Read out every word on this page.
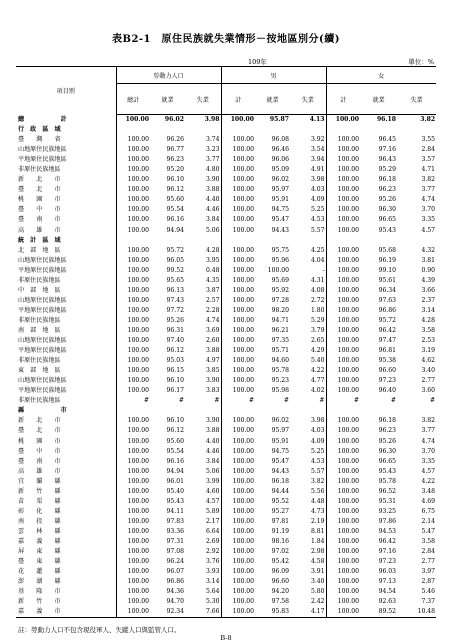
表B2-1　原住民族就失業情形－按地區別分(續)
109年	單位：%
項目別	勞動力人口			男			女		
	總計	就業	失業	計	就業	失業	計	就業	失業
總　　　　　　計	100.00	96.02	3.98	100.00	95.87	4.13	100.00	96.18	3.82
行　政　區　域									
臺　　灣　　省	100.00	96.26	3.74	100.00	96.08	3.92	100.00	96.45	3.55
山地原住民族地區	100.00	96.77	3.23	100.00	96.46	3.54	100.00	97.16	2.84
平地原住民族地區	100.00	96.23	3.77	100.00	96.06	3.94	100.00	96.43	3.57
非原住民族地區	100.00	95.20	4.80	100.00	95.09	4.91	100.00	95.29	4.71
新　　北　　市	100.00	96.10	3.90	100.00	96.02	3.98	100.00	96.18	3.82
臺　　北　　市	100.00	96.12	3.88	100.00	95.97	4.03	100.00	96.23	3.77
桃　　園　　市	100.00	95.60	4.40	100.00	95.91	4.09	100.00	95.26	4.74
臺　　中　　市	100.00	95.54	4.46	100.00	94.75	5.25	100.00	96.30	3.70
臺　　南　　市	100.00	96.16	3.84	100.00	95.47	4.53	100.00	96.65	3.35
高　　雄　　市	100.00	94.94	5.06	100.00	94.43	5.57	100.00	95.43	4.57
統　計　區　域									
北　部　地　區	100.00	95.72	4.28	100.00	95.75	4.25	100.00	95.68	4.32
山地原住民族地區	100.00	96.05	3.95	100.00	95.96	4.04	100.00	96.19	3.81
平地原住民族地區	100.00	99.52	0.48	100.00	100.00	-	100.00	99.10	0.90
非原住民族地區	100.00	95.65	4.35	100.00	95.69	4.31	100.00	95.61	4.39
中　部　地　區	100.00	96.13	3.87	100.00	95.92	4.08	100.00	96.34	3.66
山地原住民族地區	100.00	97.43	2.57	100.00	97.28	2.72	100.00	97.63	2.37
平地原住民族地區	100.00	97.72	2.28	100.00	98.20	1.80	100.00	96.86	3.14
非原住民族地區	100.00	95.26	4.74	100.00	94.71	5.29	100.00	95.72	4.28
南　部　地　區	100.00	96.31	3.69	100.00	96.21	3.79	100.00	96.42	3.58
山地原住民族地區	100.00	97.40	2.60	100.00	97.35	2.65	100.00	97.47	2.53
平地原住民族地區	100.00	96.12	3.88	100.00	95.71	4.29	100.00	96.81	3.19
非原住民族地區	100.00	95.03	4.97	100.00	94.60	5.40	100.00	95.38	4.62
東　部　地　區	100.00	96.15	3.85	100.00	95.78	4.22	100.00	96.60	3.40
山地原住民族地區	100.00	96.10	3.90	100.00	95.23	4.77	100.00	97.23	2.77
平地原住民族地區	100.00	96.17	3.83	100.00	95.98	4.02	100.00	96.40	3.60
非原住民族地區	#	#	#	#	#	#	#	#	#
縣　　　　　　市									
新　　北　　市	100.00	96.10	3.90	100.00	96.02	3.98	100.00	96.18	3.82
臺　　北　　市	100.00	96.12	3.88	100.00	95.97	4.03	100.00	96.23	3.77
桃　　園　　市	100.00	95.60	4.40	100.00	95.91	4.09	100.00	95.26	4.74
臺　　中　　市	100.00	95.54	4.46	100.00	94.75	5.25	100.00	96.30	3.70
臺　　南　　市	100.00	96.16	3.84	100.00	95.47	4.53	100.00	96.65	3.35
高　　雄　　市	100.00	94.94	5.06	100.00	94.43	5.57	100.00	95.43	4.57
宜　　蘭　　縣	100.00	96.01	3.99	100.00	96.18	3.82	100.00	95.78	4.22
新　　竹　　縣	100.00	95.40	4.60	100.00	94.44	5.56	100.00	96.52	3.48
苗　　栗　　縣	100.00	95.43	4.57	100.00	95.52	4.48	100.00	95.31	4.69
彰　　化　　縣	100.00	94.11	5.89	100.00	95.27	4.73	100.00	93.25	6.75
南　　投　　縣	100.00	97.83	2.17	100.00	97.81	2.19	100.00	97.86	2.14
雲　　林　　縣	100.00	93.36	6.64	100.00	91.19	8.81	100.00	94.53	5.47
嘉　　義　　縣	100.00	97.31	2.69	100.00	98.16	1.84	100.00	96.42	3.58
屏　　東　　縣	100.00	97.08	2.92	100.00	97.02	2.98	100.00	97.16	2.84
臺　　東　　縣	100.00	96.24	3.76	100.00	95.42	4.58	100.00	97.23	2.77
花　　蓮　　縣	100.00	96.07	3.93	100.00	96.09	3.91	100.00	96.03	3.97
澎　　湖　　縣	100.00	96.86	3.14	100.00	96.60	3.40	100.00	97.13	2.87
基　　隆　　市	100.00	94.36	5.64	100.00	94.20	5.80	100.00	94.54	5.46
新　　竹　　市	100.00	94.70	5.30	100.00	97.58	2.42	100.00	92.63	7.37
嘉　　義　　市	100.00	92.34	7.66	100.00	95.83	4.17	100.00	89.52	10.48
註：勞動力人口不包含現役軍人、失蹤人口與監管人口。
B-8
